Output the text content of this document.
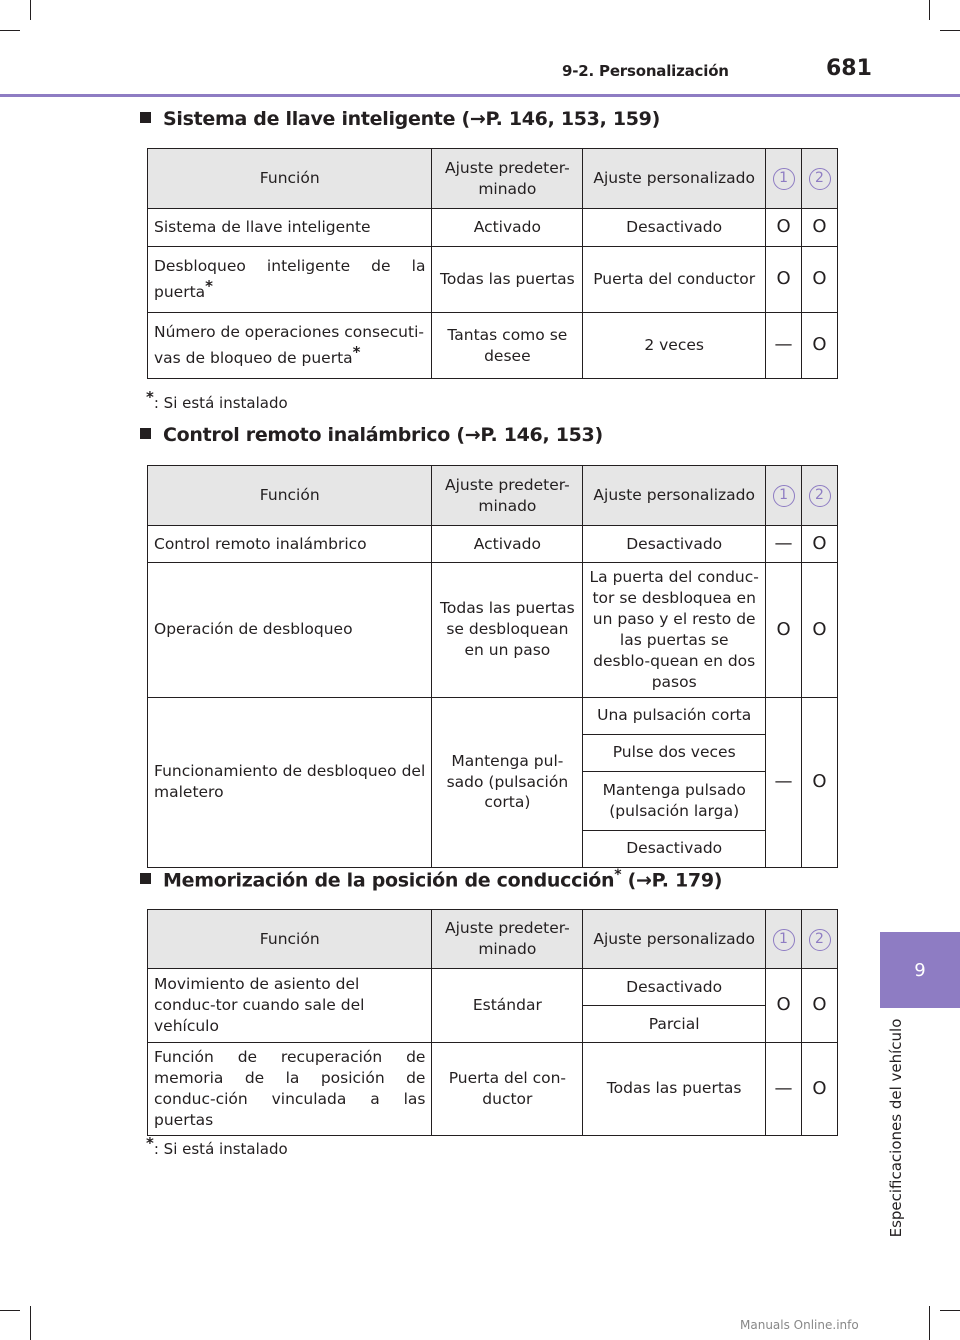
9-2. Personalización	681
9
Especificaciones del vehículo
Sistema de llave inteligente (→P. 146, 153, 159)
Función	Ajuste predeter-minado	Ajuste personalizado	1	2
Sistema de llave inteligente	Activado	Desactivado	O	O
Desbloqueo inteligente de la puerta*	Todas las puertas	Puerta del conductor	O	O
Número de operaciones consecuti-vas de bloqueo de puerta*	Tantas como se desee	2 veces	—	O
*: Si está instalado
Control remoto inalámbrico (→P. 146, 153)
Función	Ajuste predeter-minado	Ajuste personalizado	1	2
Control remoto inalámbrico	Activado	Desactivado	—	O
Operación de desbloqueo	Todas las puertas se desbloquean en un paso	La puerta del conduc-tor se desbloquea en un paso y el resto de las puertas se desblo-quean en dos pasos	O	O
Funcionamiento de desbloqueo del maletero	Mantenga pul-sado (pulsación corta)	Una pulsación corta	—	O
		Pulse dos veces		
		Mantenga pulsado (pulsación larga)		
		Desactivado		
Memorización de la posición de conducción* (→P. 179)
Función	Ajuste predeter-minado	Ajuste personalizado	1	2
Movimiento de asiento del conduc-tor cuando sale del vehículo	Estándar	Desactivado	O	O
		Parcial		
Función de recuperación de memoria de la posición de conduc-ción vinculada a las puertas	Puerta del con-ductor	Todas las puertas	—	O
*: Si está instalado
Manuals Online.info
